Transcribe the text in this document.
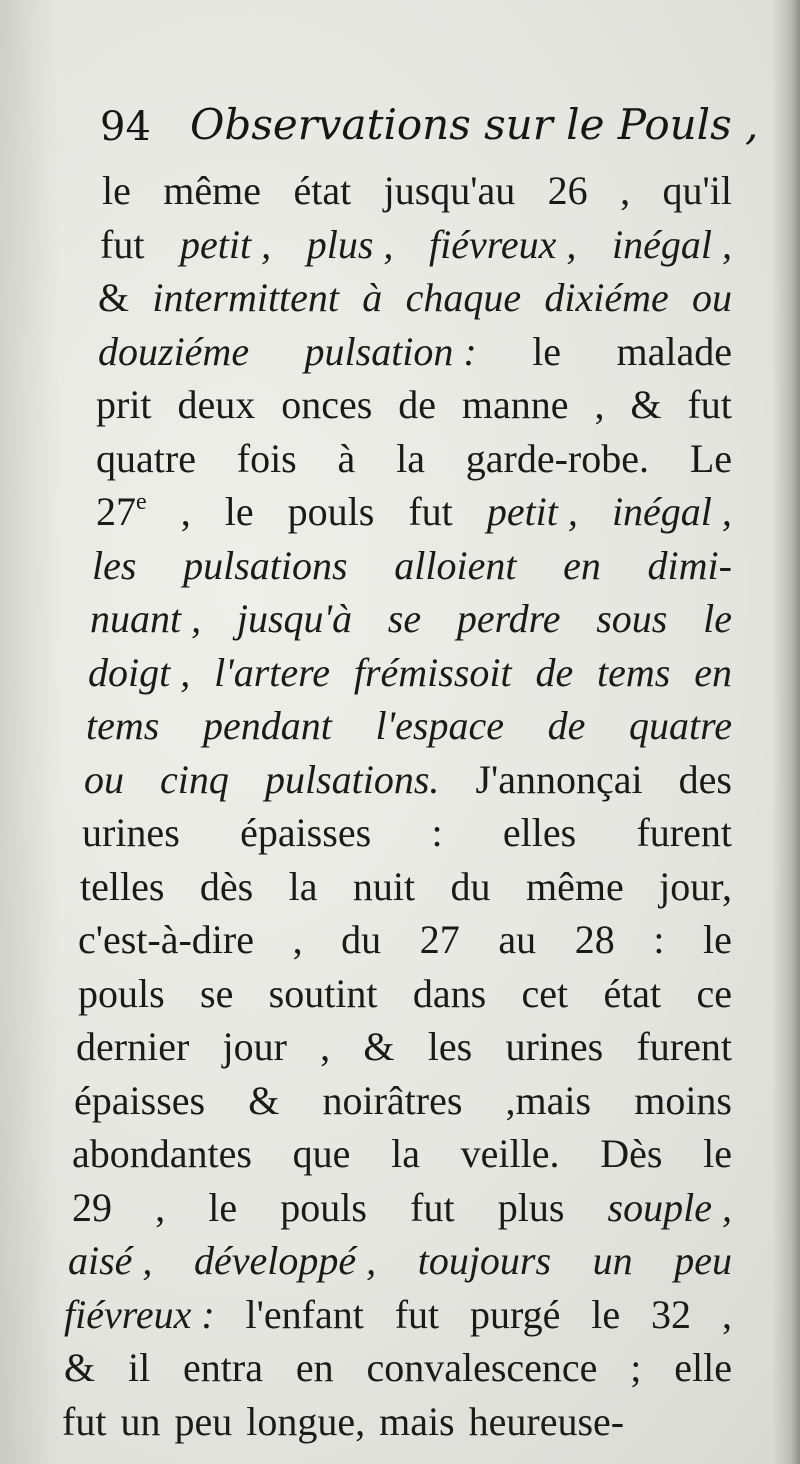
94 Observations sur le Pouls ,
le même état jusqu'au 26 , qu'il
fut petit , plus , fiévreux , inégal ,
& intermittent à chaque dixiéme ou
douziéme pulsation : le malade
prit deux onces de manne , & fut
quatre fois à la garde-robe. Le
27e , le pouls fut petit , inégal ,
les pulsations alloient en dimi-
nuant , jusqu'à se perdre sous le
doigt , l'artere frémissoit de tems en
tems pendant l'espace de quatre
ou cinq pulsations. J'annonçai des
urines épaisses : elles furent
telles dès la nuit du même jour,
c'est-à-dire , du 27 au 28 : le
pouls se soutint dans cet état ce
dernier jour , & les urines furent
épaisses & noirâtres ,mais moins
abondantes que la veille. Dès le
29 , le pouls fut plus souple ,
aisé , développé , toujours un peu
fiévreux : l'enfant fut purgé le 32 ,
& il entra en convalescence ; elle
fut un peu longue, mais heureuse-
